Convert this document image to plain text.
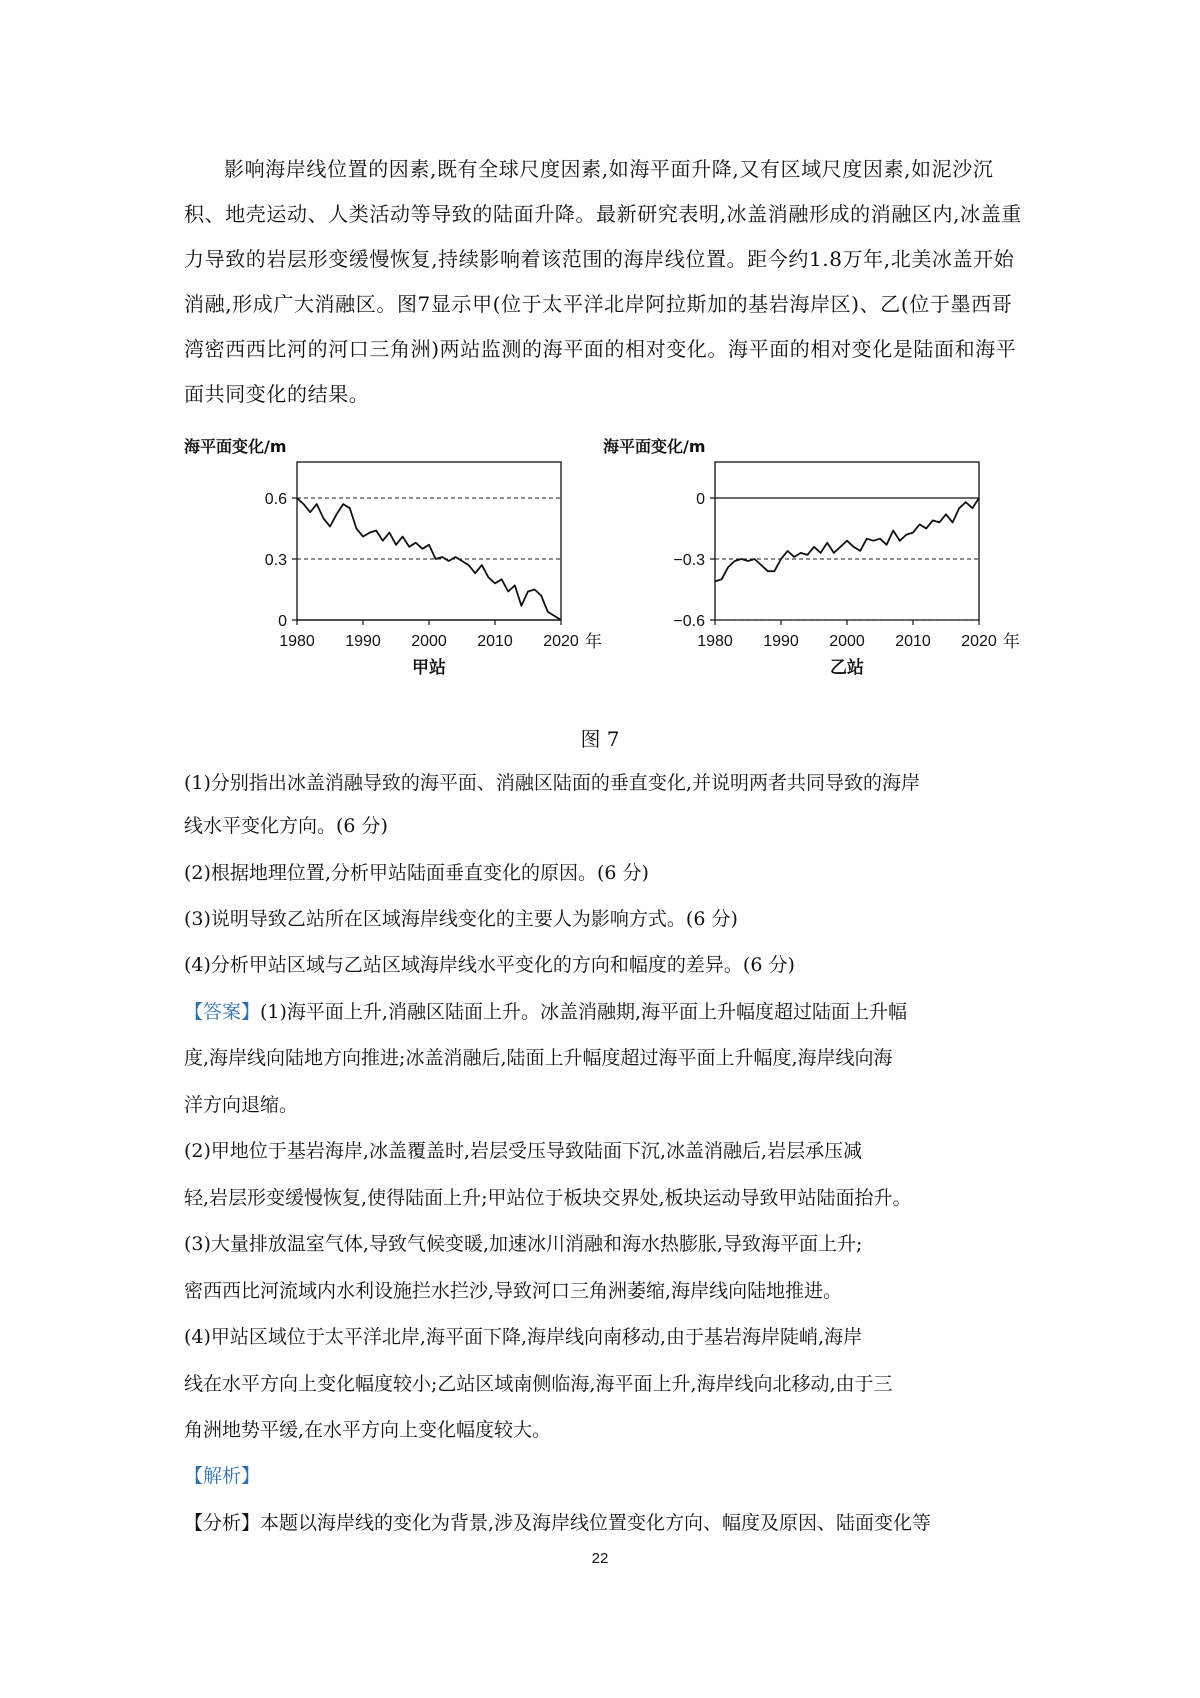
影响海岸线位置的因素,既有全球尺度因素,如海平面升降,又有区域尺度因素,如泥沙沉积、地壳运动、人类活动等导致的陆面升降。最新研究表明,冰盖消融形成的消融区内,冰盖重力导致的岩层形变缓慢恢复,持续影响着该范围的海岸线位置。距今约1.8万年,北美冰盖开始消融,形成广大消融区。图7显示甲(位于太平洋北岸阿拉斯加的基岩海岸区)、乙(位于墨西哥湾密西西比河的河口三角洲)两站监测的海平面的相对变化。海平面的相对变化是陆面和海平面共同变化的结果。

海平面变化/m
0.6
0.3
0
1980 1990 2000 2010 2020 年
甲站
海平面变化/m
0
−0.3
−0.6
1980 1990 2000 2010 2020 年
乙站
图 7

(1)分别指出冰盖消融导致的海平面、消融区陆面的垂直变化,并说明两者共同导致的海岸

线水平变化方向。(6 分)

(2)根据地理位置,分析甲站陆面垂直变化的原因。(6 分)

(3)说明导致乙站所在区域海岸线变化的主要人为影响方式。(6 分)

(4)分析甲站区域与乙站区域海岸线水平变化的方向和幅度的差异。(6 分)

【答案】(1)海平面上升,消融区陆面上升。冰盖消融期,海平面上升幅度超过陆面上升幅

度,海岸线向陆地方向推进;冰盖消融后,陆面上升幅度超过海平面上升幅度,海岸线向海

洋方向退缩。

(2)甲地位于基岩海岸,冰盖覆盖时,岩层受压导致陆面下沉,冰盖消融后,岩层承压减

轻,岩层形变缓慢恢复,使得陆面上升;甲站位于板块交界处,板块运动导致甲站陆面抬升。

(3)大量排放温室气体,导致气候变暖,加速冰川消融和海水热膨胀,导致海平面上升;

密西西比河流域内水利设施拦水拦沙,导致河口三角洲萎缩,海岸线向陆地推进。

(4)甲站区域位于太平洋北岸,海平面下降,海岸线向南移动,由于基岩海岸陡峭,海岸

线在水平方向上变化幅度较小;乙站区域南侧临海,海平面上升,海岸线向北移动,由于三

角洲地势平缓,在水平方向上变化幅度较大。

【解析】

【分析】本题以海岸线的变化为背景,涉及海岸线位置变化方向、幅度及原因、陆面变化等

22
